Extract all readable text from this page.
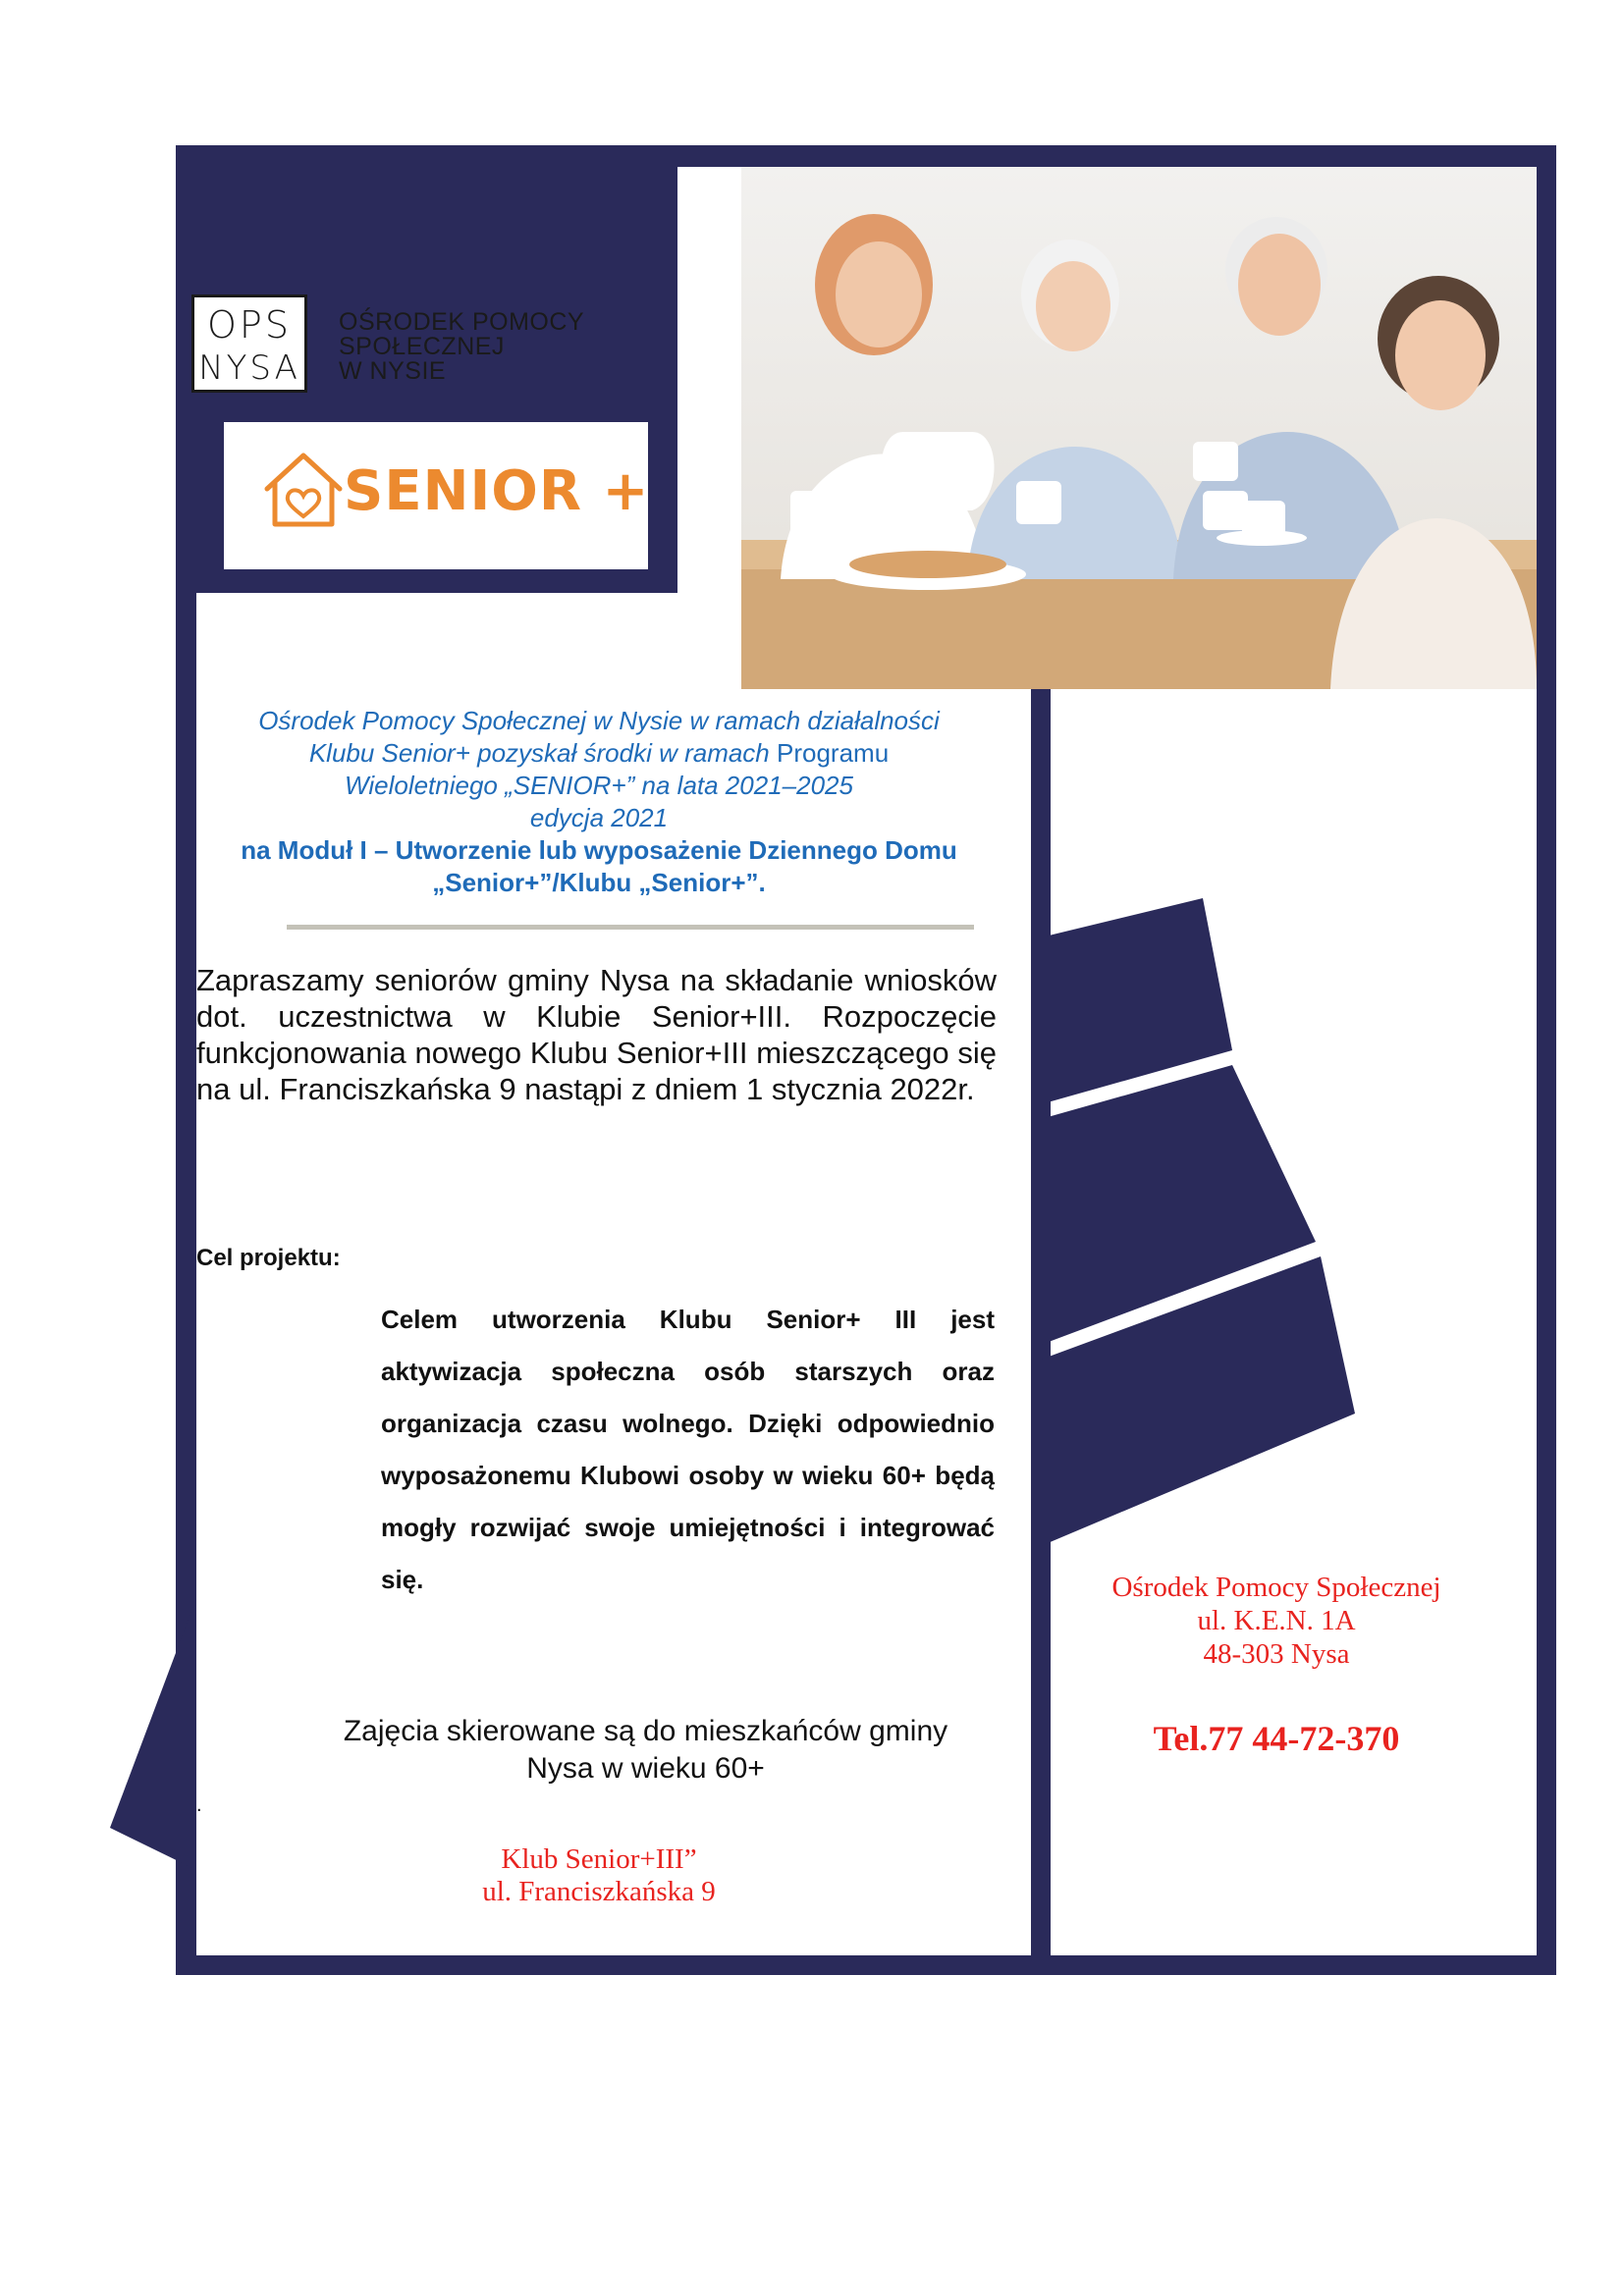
OPS
NYSA
OŚRODEK POMOCY
SPOŁECZNEJ
W NYSIE
SENIOR +
Ośrodek Pomocy Społecznej w Nysie w ramach działalności
Klubu Senior+ pozyskał środki w ramach Programu
Wieloletniego „SENIOR+” na lata 2021–2025
edycja 2021
na Moduł I – Utworzenie lub wyposażenie Dziennego Domu
„Senior+”/Klubu „Senior+”.
Zapraszamy seniorów gminy Nysa na składanie wniosków dot. uczestnictwa w Klubie Senior+III. Rozpoczęcie funkcjonowania nowego Klubu Senior+III mieszczącego się na ul. Franciszkańska 9 nastąpi z dniem 1 stycznia 2022r.
Cel projektu:
Celem utworzenia Klubu Senior+ III jest aktywizacja społeczna osób starszych oraz organizacja czasu wolnego. Dzięki odpowiednio wyposażonemu Klubowi osoby w wieku 60+ będą mogły rozwijać swoje umiejętności i integrować się.
Zajęcia skierowane są do mieszkańców gminy
Nysa w wieku 60+
.
Klub Senior+III”
ul. Franciszkańska 9
Ośrodek Pomocy Społecznej
ul. K.E.N. 1A
48-303 Nysa
Tel.77 44-72-370
